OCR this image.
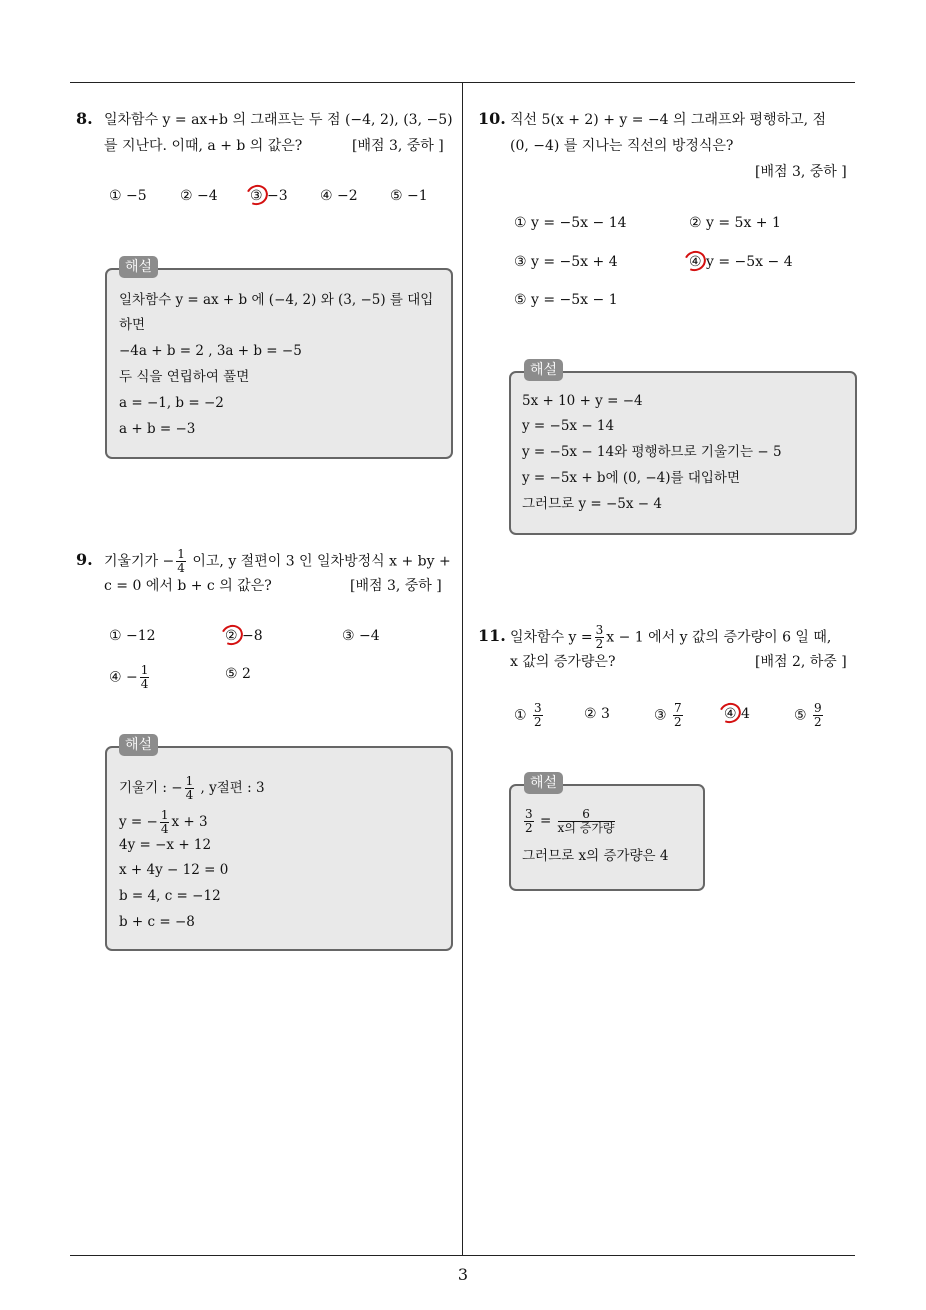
8. 일차함수 y = ax+b 의 그래프는 두 점 (−4, 2), (3, −5)
를 지난다. 이때, a + b 의 값은?	[배점 3, 중하 ]
① −5 ② −4 ③ −3 ④ −2 ⑤ −1
해설
일차함수 y = ax + b 에 (−4, 2) 와 (3, −5) 를 대입
하면
−4a + b = 2 , 3a + b = −5
두 식을 연립하여 풀면
a = −1, b = −2
a + b = −3
9. 기울기가 − $\frac{1}{4}$ 이고, y 절편이 3 인 일차방정식 x + by +
c = 0 에서 b + c 의 값은?	[배점 3, 중하 ]
① −12	② −8	③ −4
④ − $\frac{1}{4}$	⑤ 2
해설
기울기 : − $\frac{1}{4}$ , y절편 : 3
y = − $\frac{1}{4}$ x + 3
4y = −x + 12
x + 4y − 12 = 0
b = 4, c = −12
b + c = −8
10. 직선 5(x + 2) + y = −4 의 그래프와 평행하고, 점
(0, −4) 를 지나는 직선의 방정식은?
[배점 3, 중하 ]
① y = −5x − 14	② y = 5x + 1
③ y = −5x + 4	④ y = −5x − 4
⑤ y = −5x − 1
해설
5x + 10 + y = −4
y = −5x − 14
y = −5x − 14와 평행하므로 기울기는 − 5
y = −5x + b에 (0, −4)를 대입하면
그러므로 y = −5x − 4
11. 일차함수 $y = \frac{3}{2}$ x − 1 에서 y 값의 증가량이 6 일 때,
x 값의 증가량은?	[배점 2, 하중 ]
① $\frac{3}{2}$	② 3	③ $\frac{7}{2}$	④ 4	⑤ $\frac{9}{2}$
해설
$\frac{3}{2} = \frac{6}{\text{x의 증가량}}$
그러므로 x의 증가량은 4
3
